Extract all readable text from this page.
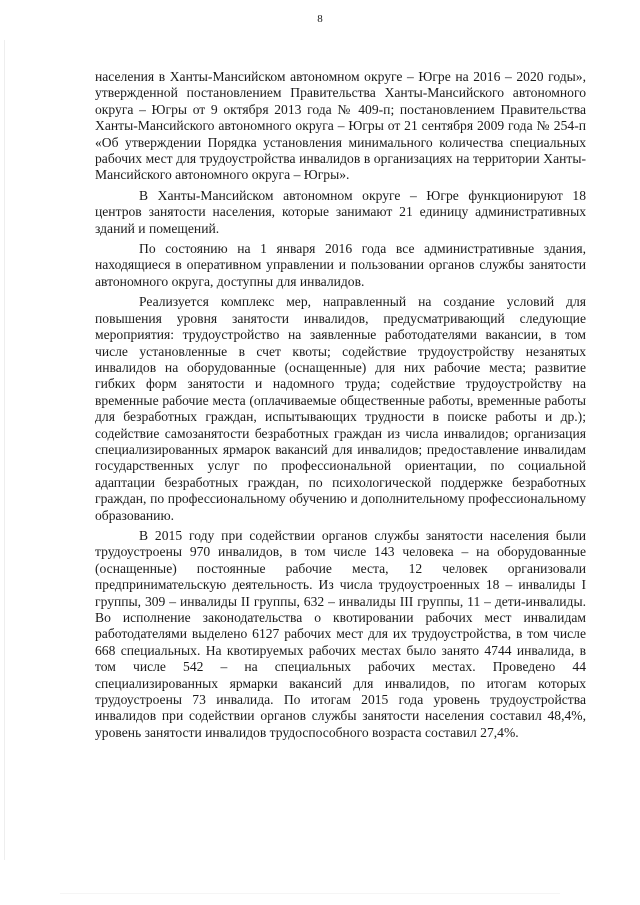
8

населения в Ханты-Мансийском автономном округе – Югре на 2016 – 2020 годы», утвержденной постановлением Правительства Ханты-Мансийского автономного округа – Югры от 9 октября 2013 года № 409-п; постановлением Правительства Ханты-Мансийского автономного округа – Югры от 21 сентября 2009 года № 254-п «Об утверждении Порядка установления минимального количества специальных рабочих мест для трудоустройства инвалидов в организациях на территории Ханты-Мансийского автономного округа – Югры».

В Ханты-Мансийском автономном округе – Югре функционируют 18 центров занятости населения, которые занимают 21 единицу административных зданий и помещений.

По состоянию на 1 января 2016 года все административные здания, находящиеся в оперативном управлении и пользовании органов службы занятости автономного округа, доступны для инвалидов.

Реализуется комплекс мер, направленный на создание условий для повышения уровня занятости инвалидов, предусматривающий следующие мероприятия: трудоустройство на заявленные работодателями вакансии, в том числе установленные в счет квоты; содействие трудоустройству незанятых инвалидов на оборудованные (оснащенные) для них рабочие места; развитие гибких форм занятости и надомного труда; содействие трудоустройству на временные рабочие места (оплачиваемые общественные работы, временные работы для безработных граждан, испытывающих трудности в поиске работы и др.); содействие самозанятости безработных граждан из числа инвалидов; организация специализированных ярмарок вакансий для инвалидов; предоставление инвалидам государственных услуг по профессиональной ориентации, по социальной адаптации безработных граждан, по психологической поддержке безработных граждан, по профессиональному обучению и дополнительному профессиональному образованию.

В 2015 году при содействии органов службы занятости населения были трудоустроены 970 инвалидов, в том числе 143 человека – на оборудованные (оснащенные) постоянные рабочие места, 12 человек организовали предпринимательскую деятельность. Из числа трудоустроенных 18 – инвалиды I группы, 309 – инвалиды II группы, 632 – инвалиды III группы, 11 – дети-инвалиды. Во исполнение законодательства о квотировании рабочих мест инвалидам работодателями выделено 6127 рабочих мест для их трудоустройства, в том числе 668 специальных. На квотируемых рабочих местах было занято 4744 инвалида, в том числе 542 – на специальных рабочих местах. Проведено 44 специализированных ярмарки вакансий для инвалидов, по итогам которых трудоустроены 73 инвалида. По итогам 2015 года уровень трудоустройства инвалидов при содействии органов службы занятости населения составил 48,4%, уровень занятости инвалидов трудоспособного возраста составил 27,4%.
